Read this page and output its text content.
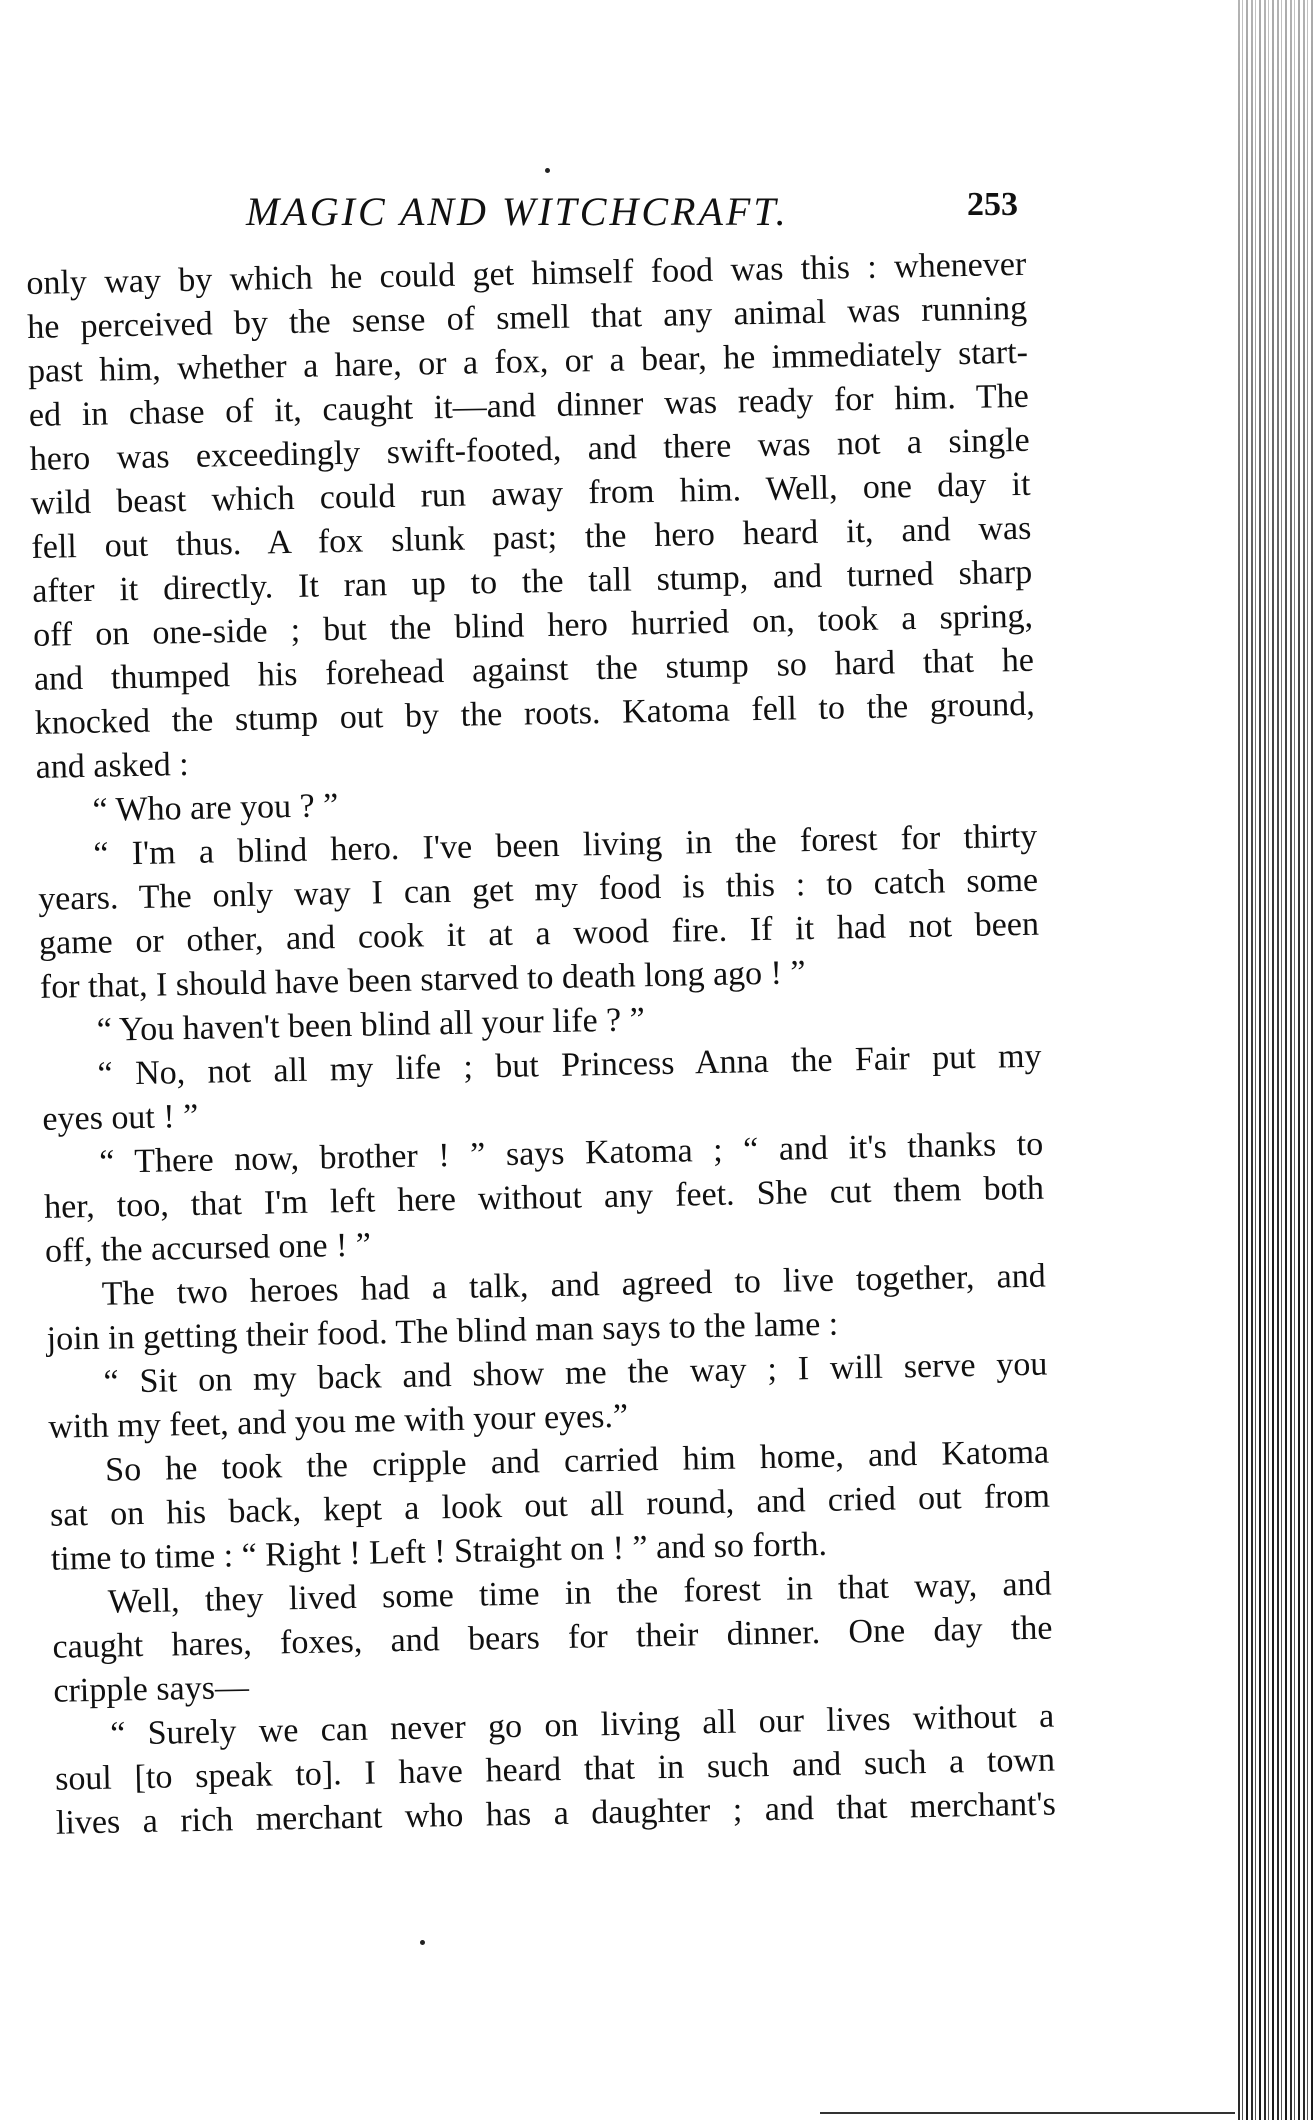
MAGIC AND WITCHCRAFT.	253
only way by which he could get himself food was this : whenever
he perceived by the sense of smell that any animal was running
past him, whether a hare, or a fox, or a bear, he immediately start-
ed in chase of it, caught it—and dinner was ready for him. The
hero was exceedingly swift-footed, and there was not a single
wild beast which could run away from him. Well, one day it
fell out thus. A fox slunk past; the hero heard it, and was
after it directly. It ran up to the tall stump, and turned sharp
off on one-side ; but the blind hero hurried on, took a spring,
and thumped his forehead against the stump so hard that he
knocked the stump out by the roots. Katoma fell to the ground,
and asked :
“ Who are you ? ”
“ I'm a blind hero. I've been living in the forest for thirty
years. The only way I can get my food is this : to catch some
game or other, and cook it at a wood fire. If it had not been
for that, I should have been starved to death long ago ! ”
“ You haven't been blind all your life ? ”
“ No, not all my life ; but Princess Anna the Fair put my
eyes out ! ”
“ There now, brother ! ” says Katoma ; “ and it's thanks to
her, too, that I'm left here without any feet. She cut them both
off, the accursed one ! ”
The two heroes had a talk, and agreed to live together, and
join in getting their food. The blind man says to the lame :
“ Sit on my back and show me the way ; I will serve you
with my feet, and you me with your eyes.”
So he took the cripple and carried him home, and Katoma
sat on his back, kept a look out all round, and cried out from
time to time : “ Right ! Left ! Straight on ! ” and so forth.
Well, they lived some time in the forest in that way, and
caught hares, foxes, and bears for their dinner. One day the
cripple says—
“ Surely we can never go on living all our lives without a
soul [to speak to]. I have heard that in such and such a town
lives a rich merchant who has a daughter ; and that merchant's
